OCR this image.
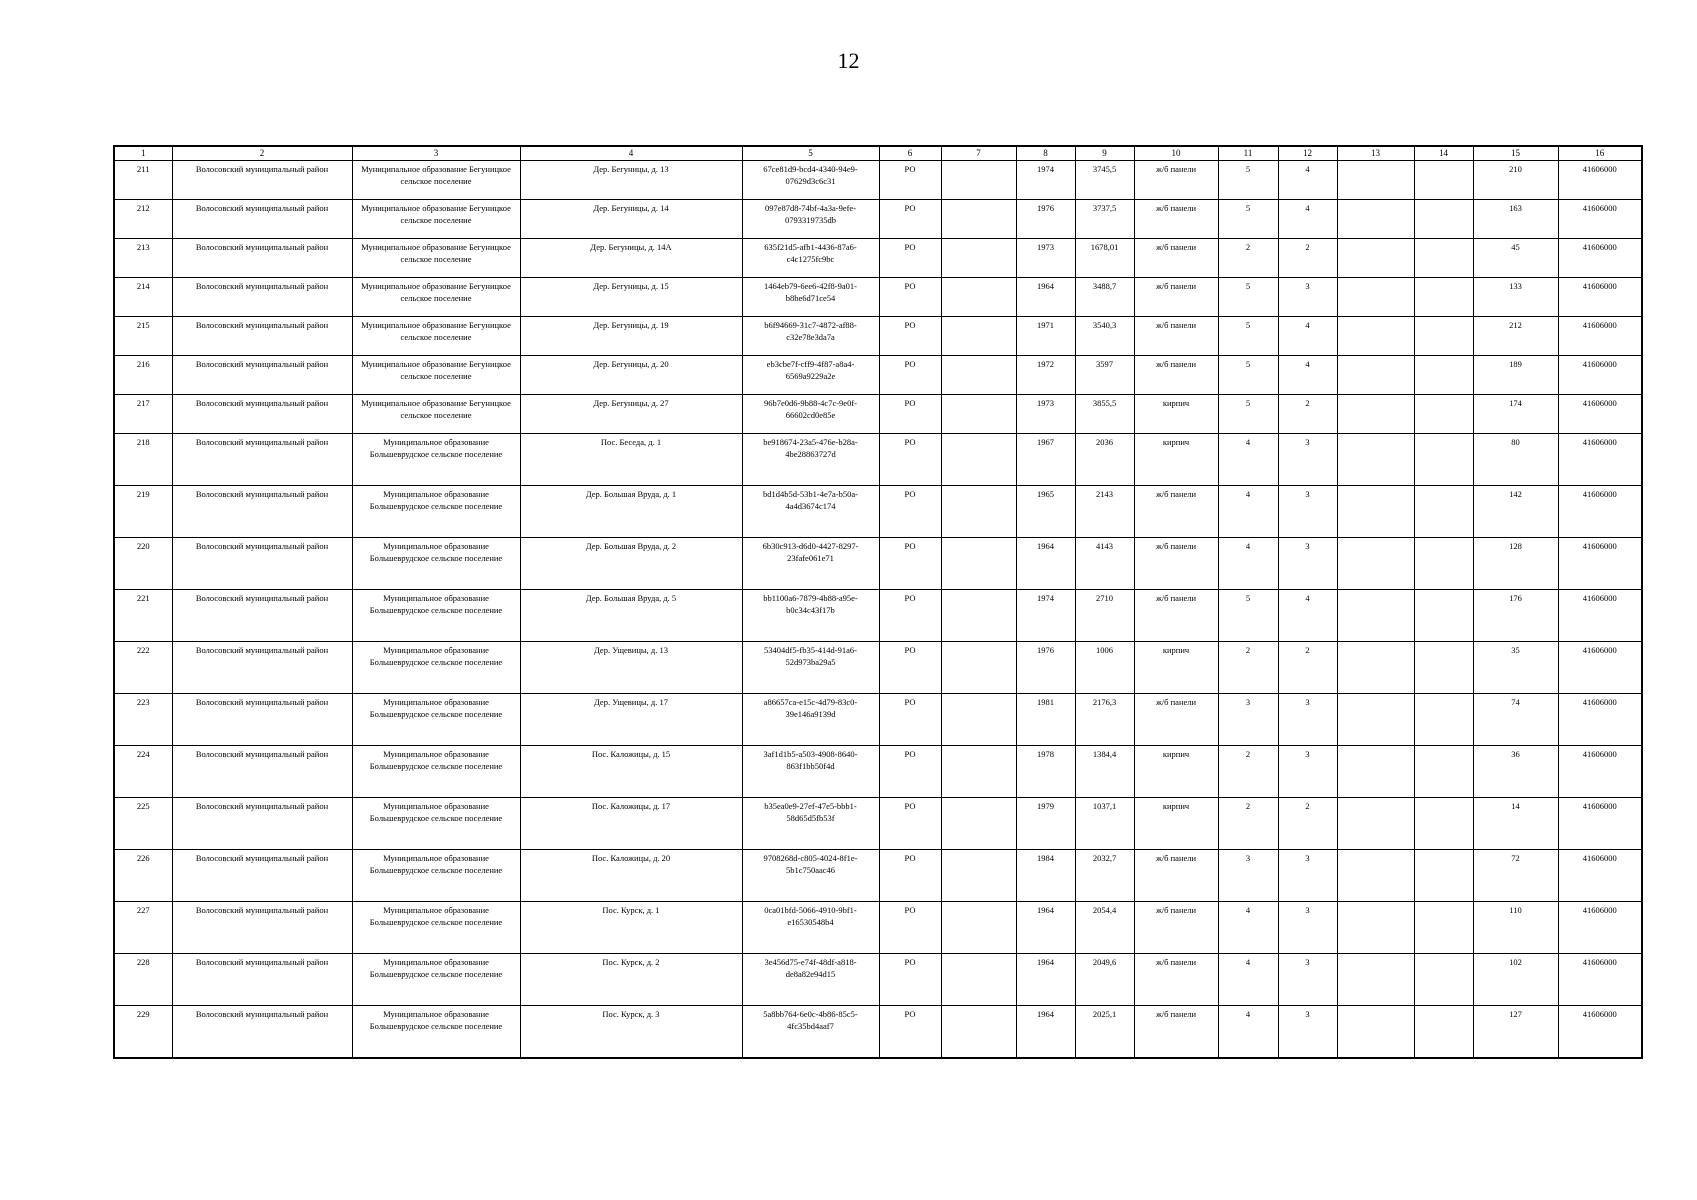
12
1	2	3	4	5	6	7	8	9	10	11	12	13	14	15	16
211	Волосовский муниципальный район	Муниципальное образование Бегуницкое сельское поселение	Дер. Бегуницы, д. 13	67ce81d9-bcd4-4340-94e9-07629d3c6c31	РО		1974	3745,5	ж/б панели	5	4			210	41606000
212	Волосовский муниципальный район	Муниципальное образование Бегуницкое сельское поселение	Дер. Бегуницы, д. 14	097e87d8-74bf-4a3a-9efe-0793319735db	РО		1976	3737,5	ж/б панели	5	4			163	41606000
213	Волосовский муниципальный район	Муниципальное образование Бегуницкое сельское поселение	Дер. Бегуницы, д. 14А	635f21d5-afb1-4436-87a6-c4c1275fc9bc	РО		1973	1678,01	ж/б панели	2	2			45	41606000
214	Волосовский муниципальный район	Муниципальное образование Бегуницкое сельское поселение	Дер. Бегуницы, д. 15	1464eb79-6ee6-42f8-9a01-b8be6d71ce54	РО		1964	3488,7	ж/б панели	5	3			133	41606000
215	Волосовский муниципальный район	Муниципальное образование Бегуницкое сельское поселение	Дер. Бегуницы, д. 19	b6f94669-31c7-4872-af88-c32e78e3da7a	РО		1971	3540,3	ж/б панели	5	4			212	41606000
216	Волосовский муниципальный район	Муниципальное образование Бегуницкое сельское поселение	Дер. Бегуницы, д. 20	eb3cbe7f-cff9-4f87-a8a4-6569a9229a2e	РО		1972	3597	ж/б панели	5	4			189	41606000
217	Волосовский муниципальный район	Муниципальное образование Бегуницкое сельское поселение	Дер. Бегуницы, д. 27	96b7e0d6-9b88-4c7c-9e0f-66602cd0e85e	РО		1973	3855,5	кирпич	5	2			174	41606000
218	Волосовский муниципальный район	Муниципальное образование Большеврудское сельское поселение	Пос. Беседа, д. 1	be918674-23a5-476e-b28a-4be28863727d	РО		1967	2036	кирпич	4	3			80	41606000
219	Волосовский муниципальный район	Муниципальное образование Большеврудское сельское поселение	Дер. Большая Вруда, д. 1	bd1d4b5d-53b1-4e7a-b50a-4a4d3674c174	РО		1965	2143	ж/б панели	4	3			142	41606000
220	Волосовский муниципальный район	Муниципальное образование Большеврудское сельское поселение	Дер. Большая Вруда, д. 2	6b30c913-d6d0-4427-8297-23fafe061e71	РО		1964	4143	ж/б панели	4	3			128	41606000
221	Волосовский муниципальный район	Муниципальное образование Большеврудское сельское поселение	Дер. Большая Вруда, д. 5	bb1100a6-7879-4b88-a95e-b0c34c43f17b	РО		1974	2710	ж/б панели	5	4			176	41606000
222	Волосовский муниципальный район	Муниципальное образование Большеврудское сельское поселение	Дер. Ущевицы, д. 13	53404df5-fb35-414d-91a6-52d973ba29a5	РО		1976	1006	кирпич	2	2			35	41606000
223	Волосовский муниципальный район	Муниципальное образование Большеврудское сельское поселение	Дер. Ущевицы, д. 17	a86657ca-e15c-4d79-83c0-39e146a9139d	РО		1981	2176,3	ж/б панели	3	3			74	41606000
224	Волосовский муниципальный район	Муниципальное образование Большеврудское сельское поселение	Пос. Каложицы, д. 15	3af1d1b5-a503-4908-8640-863f1bb50f4d	РО		1978	1384,4	кирпич	2	3			36	41606000
225	Волосовский муниципальный район	Муниципальное образование Большеврудское сельское поселение	Пос. Каложицы, д. 17	b35ea0e9-27ef-47e5-bbb1-58d65d5fb53f	РО		1979	1037,1	кирпич	2	2			14	41606000
226	Волосовский муниципальный район	Муниципальное образование Большеврудское сельское поселение	Пос. Каложицы, д. 20	9708268d-c805-4024-8f1e-5b1c750aac46	РО		1984	2032,7	ж/б панели	3	3			72	41606000
227	Волосовский муниципальный район	Муниципальное образование Большеврудское сельское поселение	Пос. Курск, д. 1	0ca01bfd-5066-4910-9bf1-e16530548b4	РО		1964	2054,4	ж/б панели	4	3			110	41606000
228	Волосовский муниципальный район	Муниципальное образование Большеврудское сельское поселение	Пос. Курск, д. 2	3e456d75-e74f-48df-a818-de8a82e94d15	РО		1964	2049,6	ж/б панели	4	3			102	41606000
229	Волосовский муниципальный район	Муниципальное образование Большеврудское сельское поселение	Пос. Курск, д. 3	5a8bb764-6e0c-4b86-85c5-4fc35bd4aaf7	РО		1964	2025,1	ж/б панели	4	3			127	41606000
